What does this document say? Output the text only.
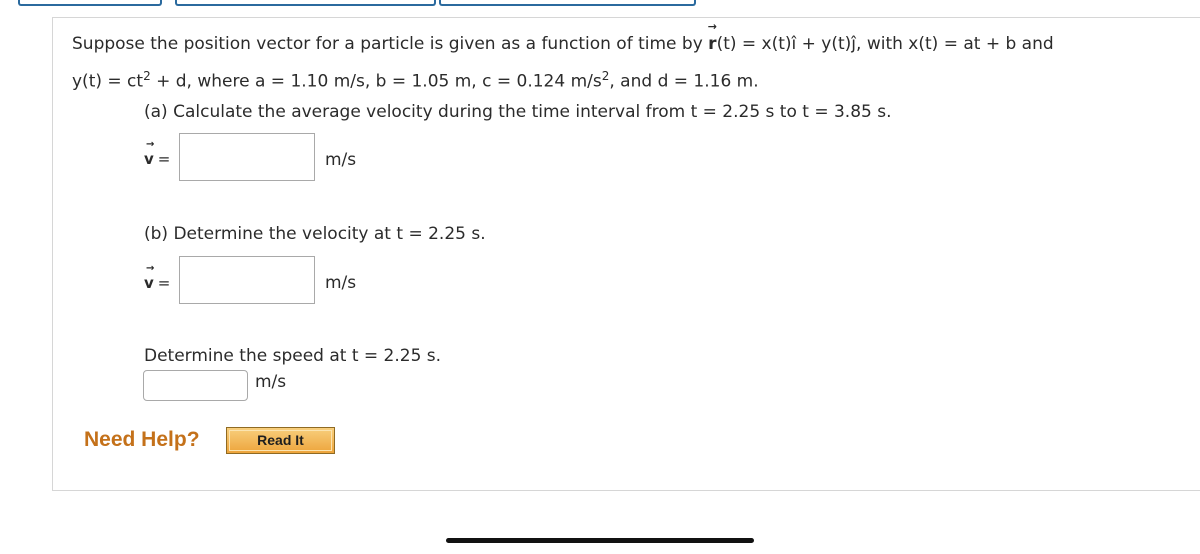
Suppose the position vector for a particle is given as a function of time by
→
r(t) = x(t)î + y(t)ĵ, with x(t) = at + b and
$y(t) = ct^2 + d$, where a = 1.10 m/s, b = 1.05 m, c = 0.124 $m/s^2$, and d = 1.16 m.
(a) Calculate the average velocity during the time interval from t = 2.25 s to t = 3.85 s.
→
v =	m/s
(b) Determine the velocity at t = 2.25 s.
→
v =	m/s
Determine the speed at t = 2.25 s.
m/s
Need Help?	Read It
